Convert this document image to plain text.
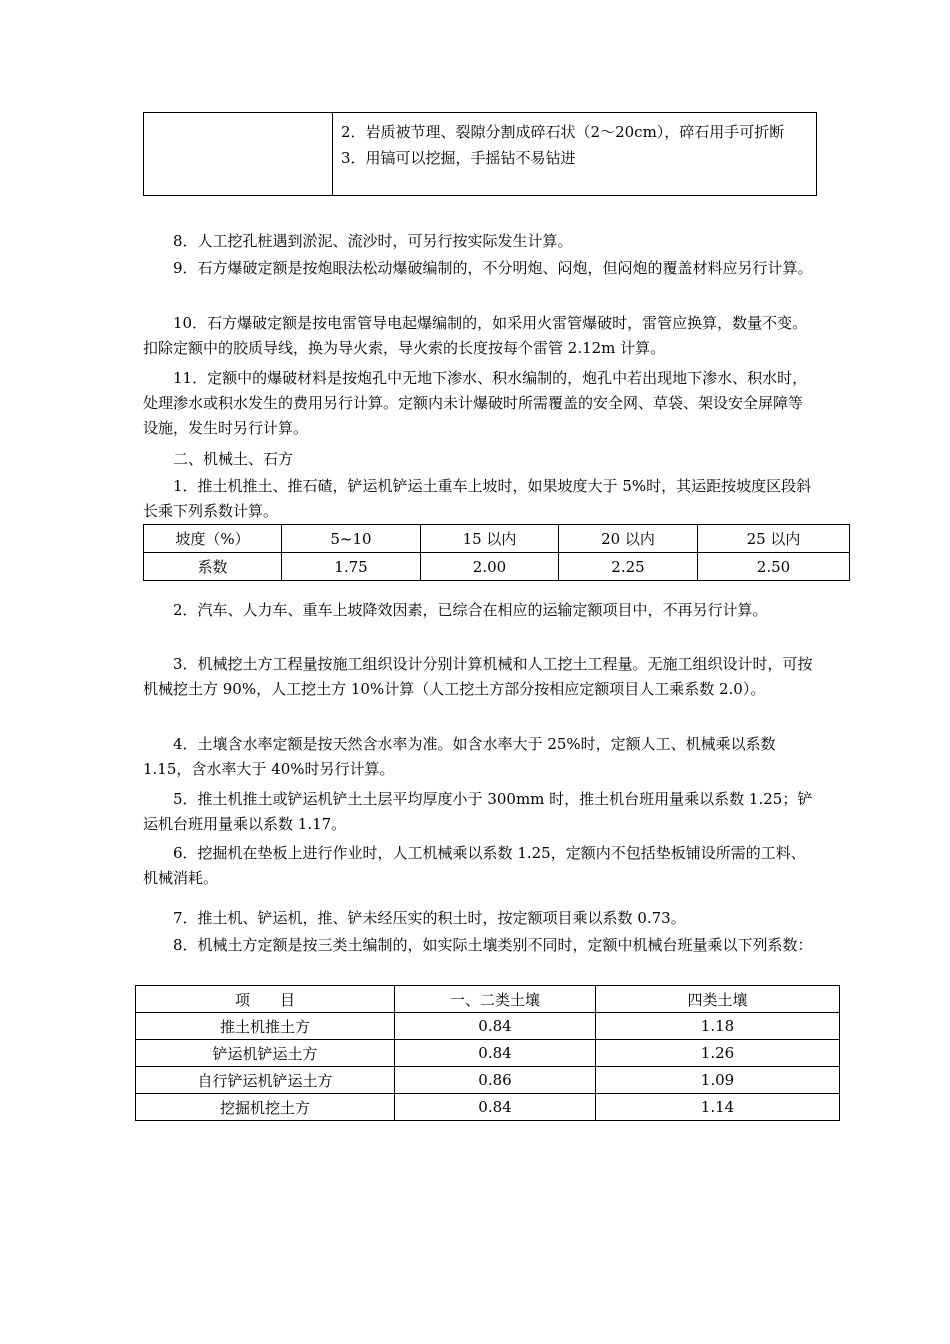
2．岩质被节理、裂隙分割成碎石状（2～20cm），碎石用手可折断
3．用镐可以挖掘，手摇钻不易钻进
8．人工挖孔桩遇到淤泥、流沙时，可另行按实际发生计算。
9．石方爆破定额是按炮眼法松动爆破编制的，不分明炮、闷炮，但闷炮的覆盖材料应另行计算。
10．石方爆破定额是按电雷管导电起爆编制的，如采用火雷管爆破时，雷管应换算，数量不变。扣除定额中的胶质导线，换为导火索，导火索的长度按每个雷管 2.12m 计算。
11．定额中的爆破材料是按炮孔中无地下渗水、积水编制的，炮孔中若出现地下渗水、积水时，处理渗水或积水发生的费用另行计算。定额内未计爆破时所需覆盖的安全网、草袋、架设安全屏障等设施，发生时另行计算。
二、机械土、石方
1．推土机推土、推石碴，铲运机铲运土重车上坡时，如果坡度大于 5%时，其运距按坡度区段斜长乘下列系数计算。
坡度（%）	5~10	15 以内	20 以内	25 以内
系数	1.75	2.00	2.25	2.50
2．汽车、人力车、重车上坡降效因素，已综合在相应的运输定额项目中，不再另行计算。
3．机械挖土方工程量按施工组织设计分别计算机械和人工挖土工程量。无施工组织设计时，可按机械挖土方 90%，人工挖土方 10%计算（人工挖土方部分按相应定额项目人工乘系数 2.0）。
4．土壤含水率定额是按天然含水率为准。如含水率大于 25%时，定额人工、机械乘以系数 1.15，含水率大于 40%时另行计算。
5．推土机推土或铲运机铲土土层平均厚度小于 300mm 时，推土机台班用量乘以系数 1.25；铲运机台班用量乘以系数 1.17。
6．挖掘机在垫板上进行作业时，人工机械乘以系数 1.25，定额内不包括垫板铺设所需的工料、机械消耗。
7．推土机、铲运机，推、铲未经压实的积土时，按定额项目乘以系数 0.73。
8．机械土方定额是按三类土编制的，如实际土壤类别不同时，定额中机械台班量乘以下列系数：
项　　目	一、二类土壤	四类土壤
推土机推土方	0.84	1.18
铲运机铲运土方	0.84	1.26
自行铲运机铲运土方	0.86	1.09
挖掘机挖土方	0.84	1.14
